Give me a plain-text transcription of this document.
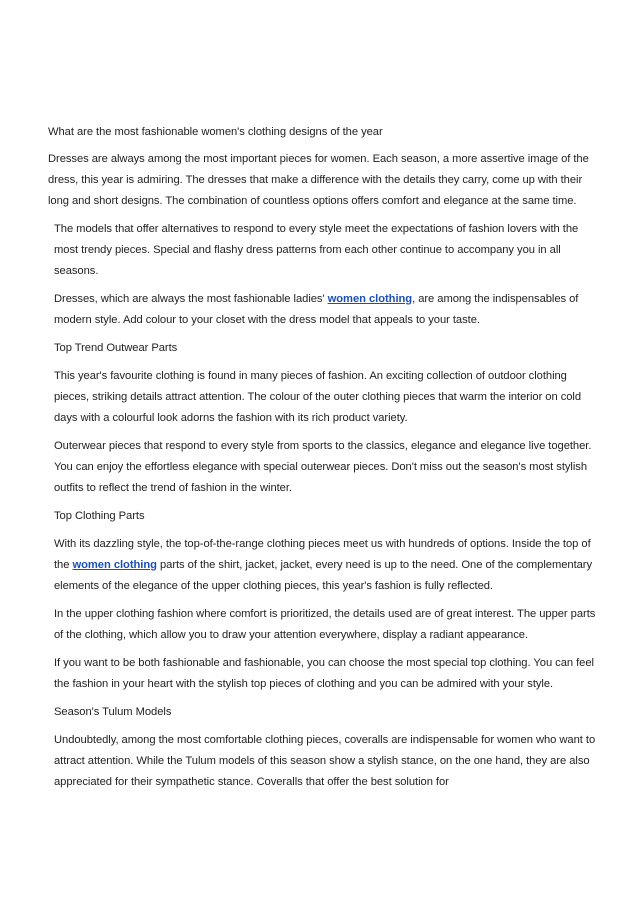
What are the most fashionable women's clothing designs of the year

Dresses are always among the most important pieces for women. Each season, a more assertive image of the dress, this year is admiring. The dresses that make a difference with the details they carry, come up with their long and short designs. The combination of countless options offers comfort and elegance at the same time.

The models that offer alternatives to respond to every style meet the expectations of fashion lovers with the most trendy pieces. Special and flashy dress patterns from each other continue to accompany you in all seasons.

Dresses, which are always the most fashionable ladies' women clothing, are among the indispensables of modern style. Add colour to your closet with the dress model that appeals to your taste.

Top Trend Outwear Parts

This year's favourite clothing is found in many pieces of fashion. An exciting collection of outdoor clothing pieces, striking details attract attention. The colour of the outer clothing pieces that warm the interior on cold days with a colourful look adorns the fashion with its rich product variety.

Outerwear pieces that respond to every style from sports to the classics, elegance and elegance live together. You can enjoy the effortless elegance with special outerwear pieces. Don't miss out the season's most stylish outfits to reflect the trend of fashion in the winter.

Top Clothing Parts

With its dazzling style, the top-of-the-range clothing pieces meet us with hundreds of options. Inside the top of the women clothing parts of the shirt, jacket, jacket, every need is up to the need. One of the complementary elements of the elegance of the upper clothing pieces, this year's fashion is fully reflected.

In the upper clothing fashion where comfort is prioritized, the details used are of great interest. The upper parts of the clothing, which allow you to draw your attention everywhere, display a radiant appearance.

If you want to be both fashionable and fashionable, you can choose the most special top clothing. You can feel the fashion in your heart with the stylish top pieces of clothing and you can be admired with your style.

Season's Tulum Models

Undoubtedly, among the most comfortable clothing pieces, coveralls are indispensable for women who want to attract attention. While the Tulum models of this season show a stylish stance, on the one hand, they are also appreciated for their sympathetic stance. Coveralls that offer the best solution for
